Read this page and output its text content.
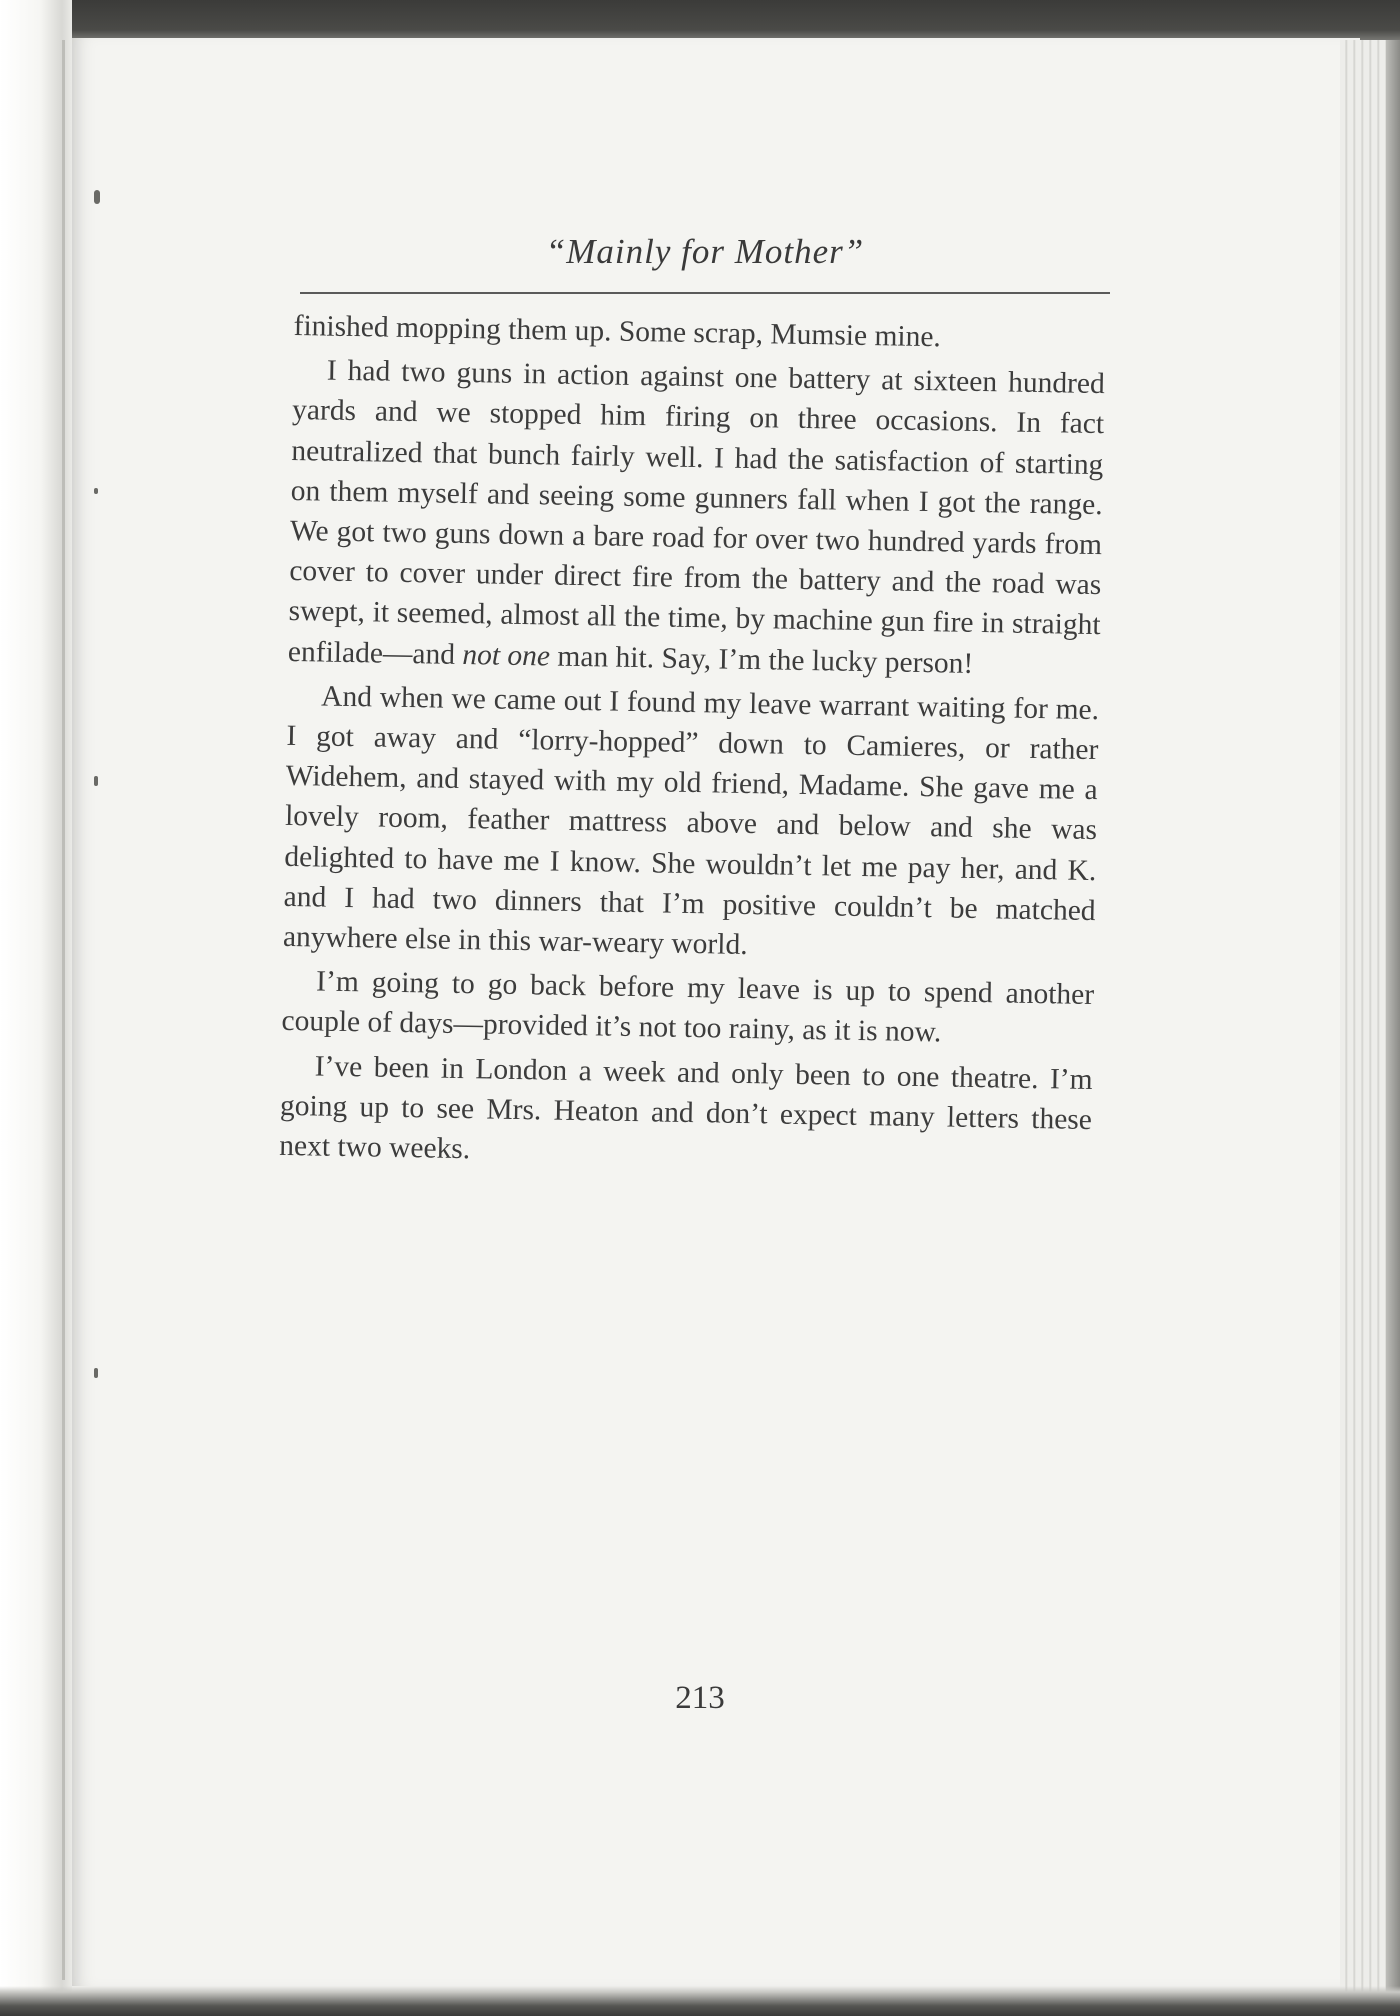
“Mainly for Mother”

finished mopping them up. Some scrap, Mumsie mine.

I had two guns in action against one battery at sixteen hundred yards and we stopped him firing on three occasions. In fact neutralized that bunch fairly well. I had the satisfaction of starting on them myself and seeing some gunners fall when I got the range. We got two guns down a bare road for over two hundred yards from cover to cover under direct fire from the battery and the road was swept, it seemed, almost all the time, by machine gun fire in straight enfilade—and not one man hit. Say, I’m the lucky person!

And when we came out I found my leave warrant waiting for me. I got away and “lorry-hopped” down to Camieres, or rather Widehem, and stayed with my old friend, Madame. She gave me a lovely room, feather mattress above and below and she was delighted to have me I know. She wouldn’t let me pay her, and K. and I had two dinners that I’m positive couldn’t be matched anywhere else in this war-weary world.

I’m going to go back before my leave is up to spend another couple of days—provided it’s not too rainy, as it is now.

I’ve been in London a week and only been to one theatre. I’m going up to see Mrs. Heaton and don’t expect many letters these next two weeks.

213
